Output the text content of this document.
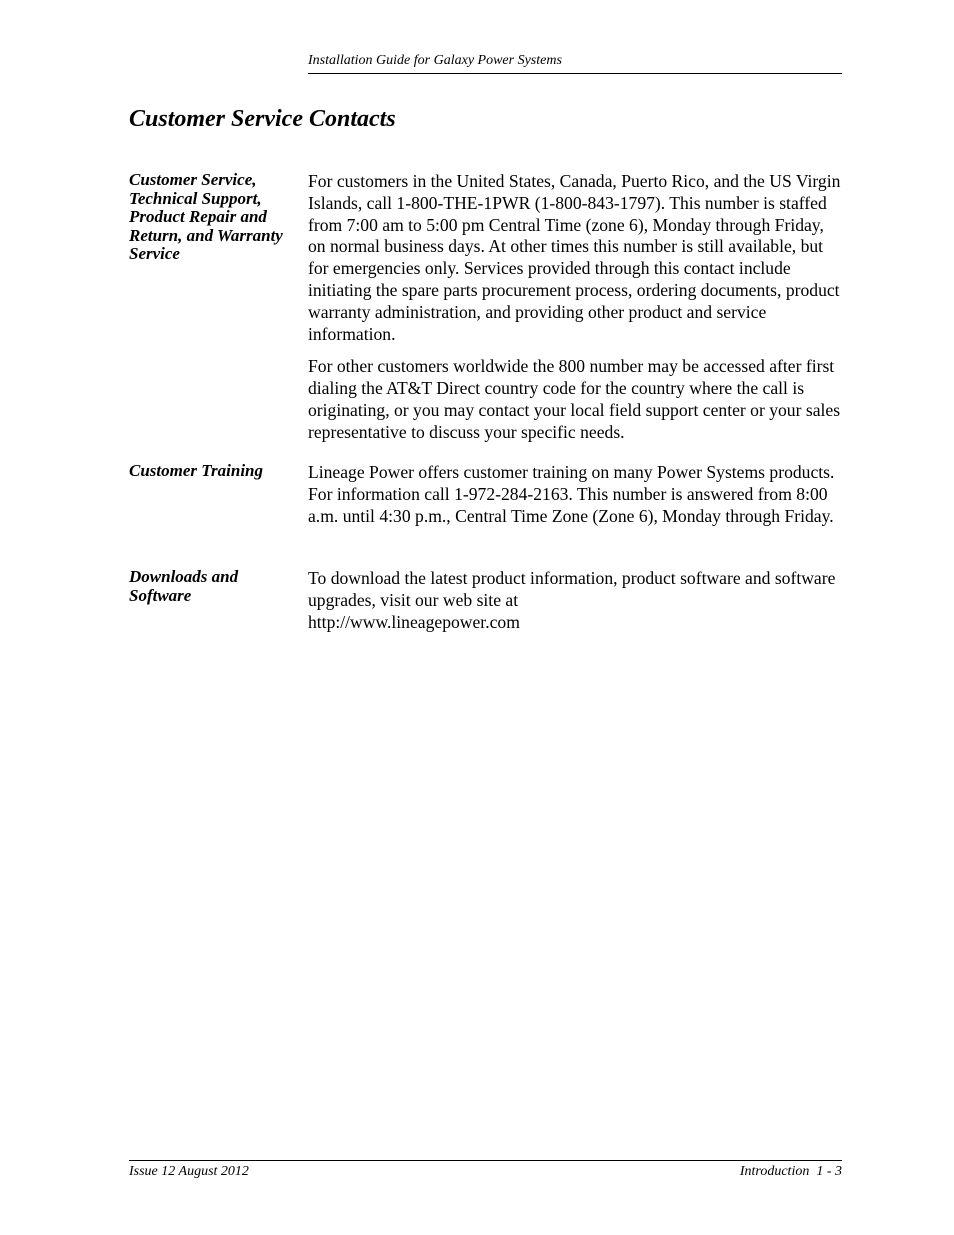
Installation Guide for Galaxy Power Systems
Customer Service Contacts
Customer Service, Technical Support, Product Repair and Return, and Warranty Service

For customers in the United States, Canada, Puerto Rico, and the US Virgin Islands, call 1-800-THE-1PWR (1-800-843-1797). This number is staffed from 7:00 am to 5:00 pm Central Time (zone 6), Monday through Friday, on normal business days. At other times this number is still available, but for emergencies only. Services provided through this contact include initiating the spare parts procurement process, ordering documents, product warranty administration, and providing other product and service information.

For other customers worldwide the 800 number may be accessed after first dialing the AT&T Direct country code for the country where the call is originating, or you may contact your local field support center or your sales representative to discuss your specific needs.

Customer Training	Lineage Power offers customer training on many Power Systems products. For information call 1-972-284-2163. This number is answered from 8:00 a.m. until 4:30 p.m., Central Time Zone (Zone 6), Monday through Friday.

Downloads and Software

To download the latest product information, product software and software upgrades, visit our web site at

http://www.lineagepower.com

Issue 12 August 2012	Introduction  1 - 3
